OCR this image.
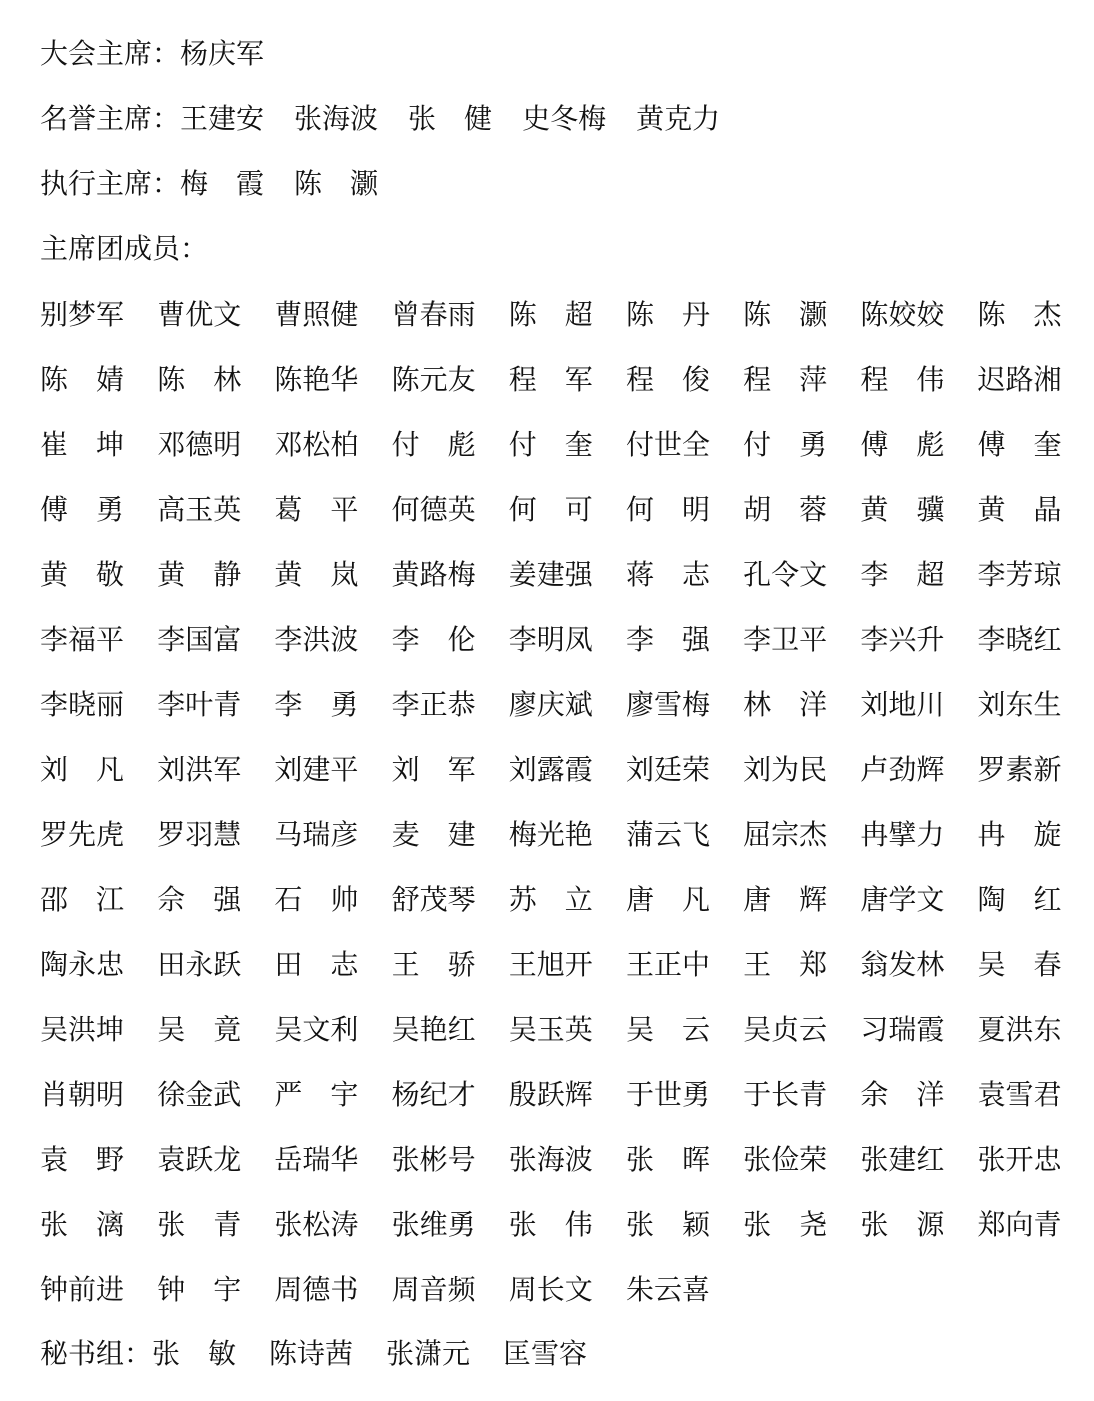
大会主席： 杨庆军
名誉主席： 王建安 张海波 张　健 史冬梅 黄克力
执行主席： 梅　霞 陈　灏
主席团成员：
别梦军 曹优文 曹照健 曾春雨 陈　超 陈　丹 陈　灏 陈姣姣 陈　杰
陈　婧 陈　林 陈艳华 陈元友 程　军 程　俊 程　萍 程　伟 迟路湘
崔　坤 邓德明 邓松柏 付　彪 付　奎 付世全 付　勇 傅　彪 傅　奎
傅　勇 高玉英 葛　平 何德英 何　可 何　明 胡　蓉 黄　骥 黄　晶
黄　敬 黄　静 黄　岚 黄路梅 姜建强 蒋　志 孔令文 李　超 李芳琼
李福平 李国富 李洪波 李　伦 李明凤 李　强 李卫平 李兴升 李晓红
李晓丽 李叶青 李　勇 李正恭 廖庆斌 廖雪梅 林　洋 刘地川 刘东生
刘　凡 刘洪军 刘建平 刘　军 刘露霞 刘廷荣 刘为民 卢劲辉 罗素新
罗先虎 罗羽慧 马瑞彦 麦　建 梅光艳 蒲云飞 屈宗杰 冉擘力 冉　旋
邵　江 佘　强 石　帅 舒茂琴 苏　立 唐　凡 唐　辉 唐学文 陶　红
陶永忠 田永跃 田　志 王　骄 王旭开 王正中 王　郑 翁发林 吴　春
吴洪坤 吴　竟 吴文利 吴艳红 吴玉英 吴　云 吴贞云 习瑞霞 夏洪东
肖朝明 徐金武 严　宇 杨纪才 殷跃辉 于世勇 于长青 余　洋 袁雪君
袁　野 袁跃龙 岳瑞华 张彬号 张海波 张　晖 张俭荣 张建红 张开忠
张　漓 张　青 张松涛 张维勇 张　伟 张　颖 张　尧 张　源 郑向青
钟前进 钟　宇 周德书 周音频 周长文 朱云喜
秘书组： 张　敏 陈诗茜 张潇元 匡雪容
